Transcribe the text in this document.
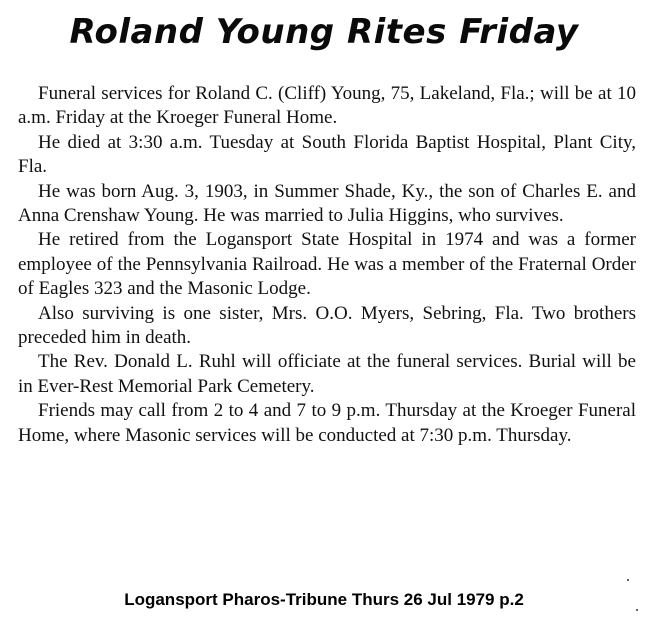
Roland Young Rites Friday

Funeral services for Roland C. (Cliff) Young, 75, Lakeland, Fla.; will be at 10 a.m. Friday at the Kroeger Funeral Home.

He died at 3:30 a.m. Tuesday at South Florida Baptist Hospital, Plant City, Fla.

He was born Aug. 3, 1903, in Summer Shade, Ky., the son of Charles E. and Anna Crenshaw Young. He was married to Julia Higgins, who survives.

He retired from the Logansport State Hospital in 1974 and was a former employee of the Pennsylvania Railroad. He was a member of the Fraternal Order of Eagles 323 and the Masonic Lodge.

Also surviving is one sister, Mrs. O.O. Myers, Sebring, Fla. Two brothers preceded him in death.

The Rev. Donald L. Ruhl will officiate at the funeral services. Burial will be in Ever-Rest Memorial Park Cemetery.

Friends may call from 2 to 4 and 7 to 9 p.m. Thursday at the Kroeger Funeral Home, where Masonic services will be conducted at 7:30 p.m. Thursday.

Logansport Pharos-Tribune Thurs 26 Jul 1979 p.2
